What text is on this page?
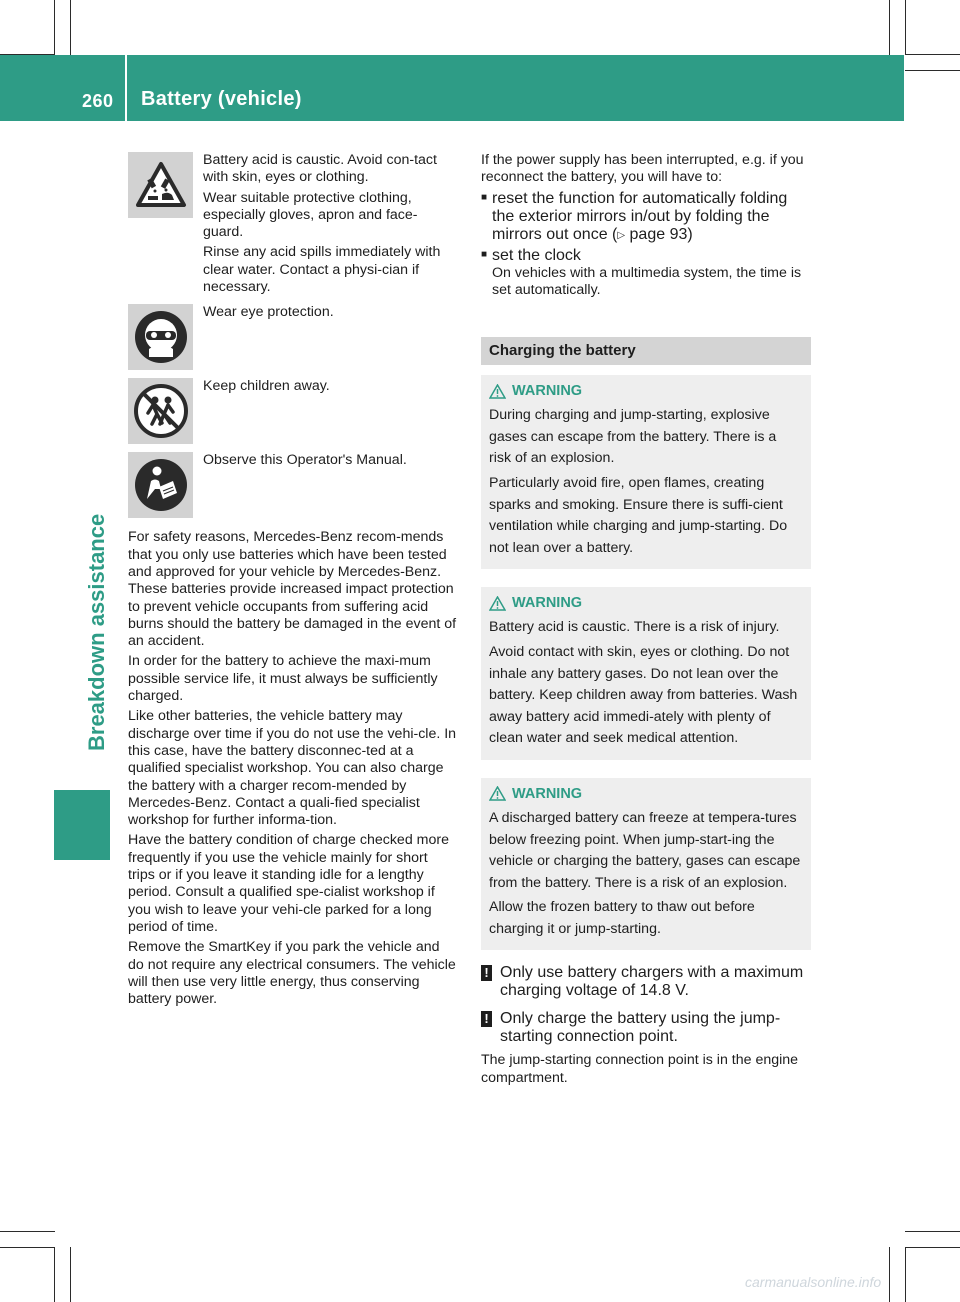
260 Battery (vehicle)
Breakdown assistance

Battery acid is caustic. Avoid con-tact with skin, eyes or clothing.

Wear suitable protective clothing, especially gloves, apron and face-guard.

Rinse any acid spills immediately with clear water. Contact a physi-cian if necessary.

Wear eye protection.

Keep children away.

Observe this Operator's Manual.

For safety reasons, Mercedes-Benz recom-mends that you only use batteries which have been tested and approved for your vehicle by Mercedes-Benz. These batteries provide increased impact protection to prevent vehicle occupants from suffering acid burns should the battery be damaged in the event of an accident.

In order for the battery to achieve the maxi-mum possible service life, it must always be sufficiently charged.

Like other batteries, the vehicle battery may discharge over time if you do not use the vehi-cle. In this case, have the battery disconnec-ted at a qualified specialist workshop. You can also charge the battery with a charger recom-mended by Mercedes-Benz. Contact a quali-fied specialist workshop for further informa-tion.

Have the battery condition of charge checked more frequently if you use the vehicle mainly for short trips or if you leave it standing idle for a lengthy period. Consult a qualified spe-cialist workshop if you wish to leave your vehi-cle parked for a long period of time.

Remove the SmartKey if you park the vehicle and do not require any electrical consumers. The vehicle will then use very little energy, thus conserving battery power.

If the power supply has been interrupted, e.g. if you reconnect the battery, you will have to:

■ reset the function for automatically folding the exterior mirrors in/out by folding the mirrors out once (▷ page 93)
■ set the clock

On vehicles with a multimedia system, the time is set automatically.

Charging the battery
WARNING

During charging and jump-starting, explosive gases can escape from the battery. There is a risk of an explosion.

Particularly avoid fire, open flames, creating sparks and smoking. Ensure there is suffi-cient ventilation while charging and jump-starting. Do not lean over a battery.

WARNING

Battery acid is caustic. There is a risk of injury.

Avoid contact with skin, eyes or clothing. Do not inhale any battery gases. Do not lean over the battery. Keep children away from batteries. Wash away battery acid immedi-ately with plenty of clean water and seek medical attention.

WARNING

A discharged battery can freeze at tempera-tures below freezing point. When jump-start-ing the vehicle or charging the battery, gases can escape from the battery. There is a risk of an explosion.

Allow the frozen battery to thaw out before charging it or jump-starting.

! Only use battery chargers with a maximum charging voltage of 14.8 V.
! Only charge the battery using the jump-starting connection point.

The jump-starting connection point is in the engine compartment.

carmanualsonline.info
